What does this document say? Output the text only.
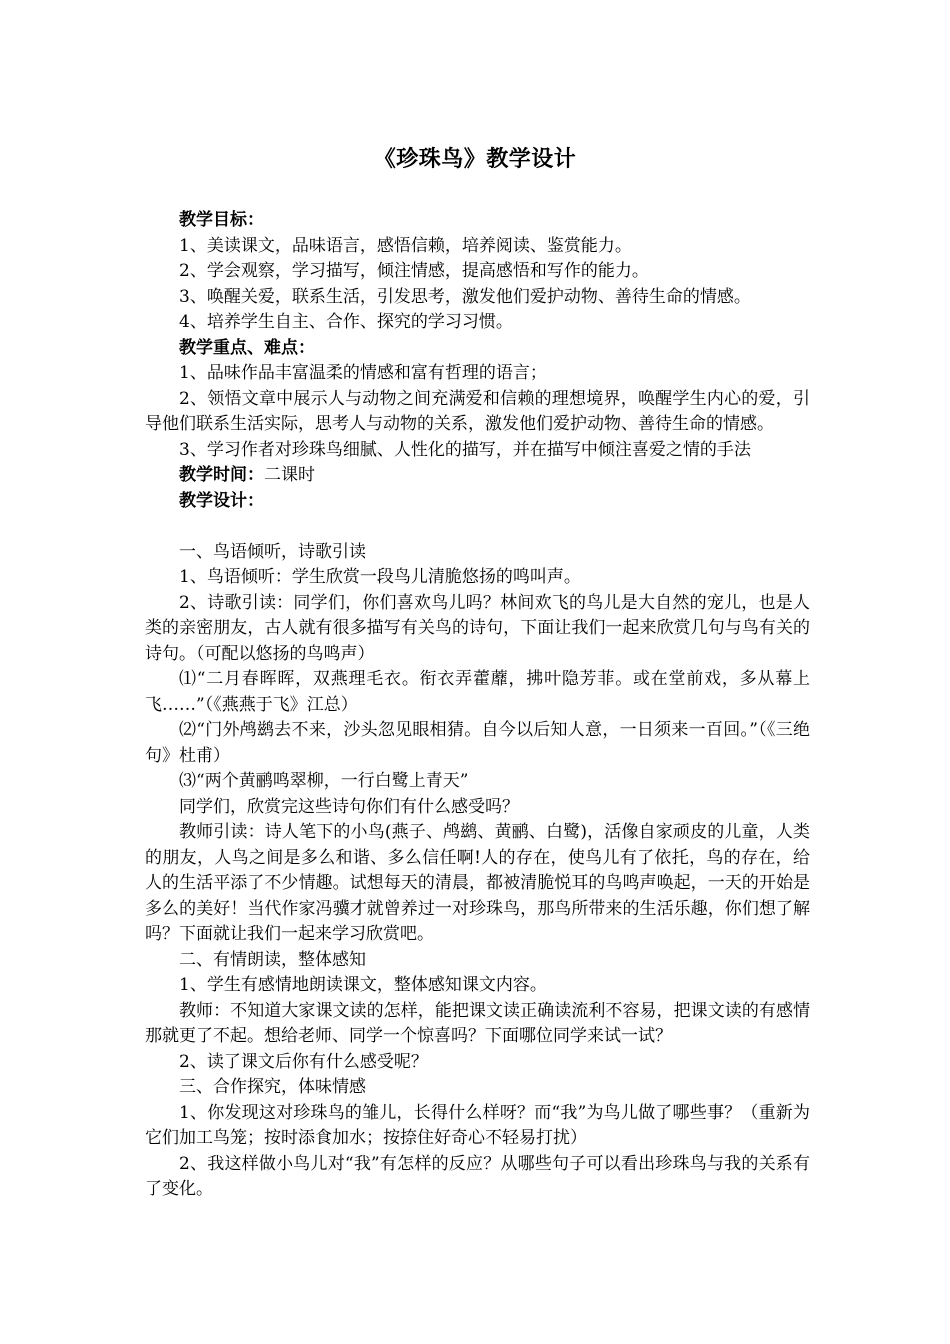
《珍珠鸟》教学设计

教学目标：

1、美读课文，品味语言，感悟信赖，培养阅读、鉴赏能力。

2、学会观察，学习描写，倾注情感，提高感悟和写作的能力。

3、唤醒关爱，联系生活，引发思考，激发他们爱护动物、善待生命的情感。

4、培养学生自主、合作、探究的学习习惯。

教学重点、难点：

1、品味作品丰富温柔的情感和富有哲理的语言；

2、领悟文章中展示人与动物之间充满爱和信赖的理想境界，唤醒学生内心的爱，引导他们联系生活实际，思考人与动物的关系，激发他们爱护动物、善待生命的情感。

3、学习作者对珍珠鸟细腻、人性化的描写，并在描写中倾注喜爱之情的手法

教学时间：二课时

教学设计：

一、鸟语倾听，诗歌引读

1、鸟语倾听：学生欣赏一段鸟儿清脆悠扬的鸣叫声。

2、诗歌引读：同学们，你们喜欢鸟儿吗？林间欢飞的鸟儿是大自然的宠儿，也是人类的亲密朋友，古人就有很多描写有关鸟的诗句，下面让我们一起来欣赏几句与鸟有关的诗句。（可配以悠扬的鸟鸣声）

⑴“二月春晖晖，双燕理毛衣。衔衣弄藿蘼，拂叶隐芳菲。或在堂前戏，多从幕上飞……”（《燕燕于飞》江总）

⑵“门外鸬鹚去不来，沙头忽见眼相猜。自今以后知人意，一日须来一百回。”（《三绝句》杜甫）

⑶“两个黄鹂鸣翠柳，一行白鹭上青天”

同学们，欣赏完这些诗句你们有什么感受吗？

教师引读：诗人笔下的小鸟(燕子、鸬鹚、黄鹂、白鹭)，活像自家顽皮的儿童，人类的朋友，人鸟之间是多么和谐、多么信任啊!人的存在，使鸟儿有了依托，鸟的存在，给人的生活平添了不少情趣。试想每天的清晨，都被清脆悦耳的鸟鸣声唤起，一天的开始是多么的美好！当代作家冯骥才就曾养过一对珍珠鸟，那鸟所带来的生活乐趣，你们想了解吗？下面就让我们一起来学习欣赏吧。

二、有情朗读，整体感知

1、学生有感情地朗读课文，整体感知课文内容。

教师：不知道大家课文读的怎样，能把课文读正确读流利不容易，把课文读的有感情那就更了不起。想给老师、同学一个惊喜吗？下面哪位同学来试一试？

2、读了课文后你有什么感受呢？

三、合作探究，体味情感

1、你发现这对珍珠鸟的雏儿，长得什么样呀？而“我”为鸟儿做了哪些事？（重新为它们加工鸟笼；按时添食加水；按捺住好奇心不轻易打扰）

2、我这样做小鸟儿对“我”有怎样的反应？从哪些句子可以看出珍珠鸟与我的关系有了变化。
